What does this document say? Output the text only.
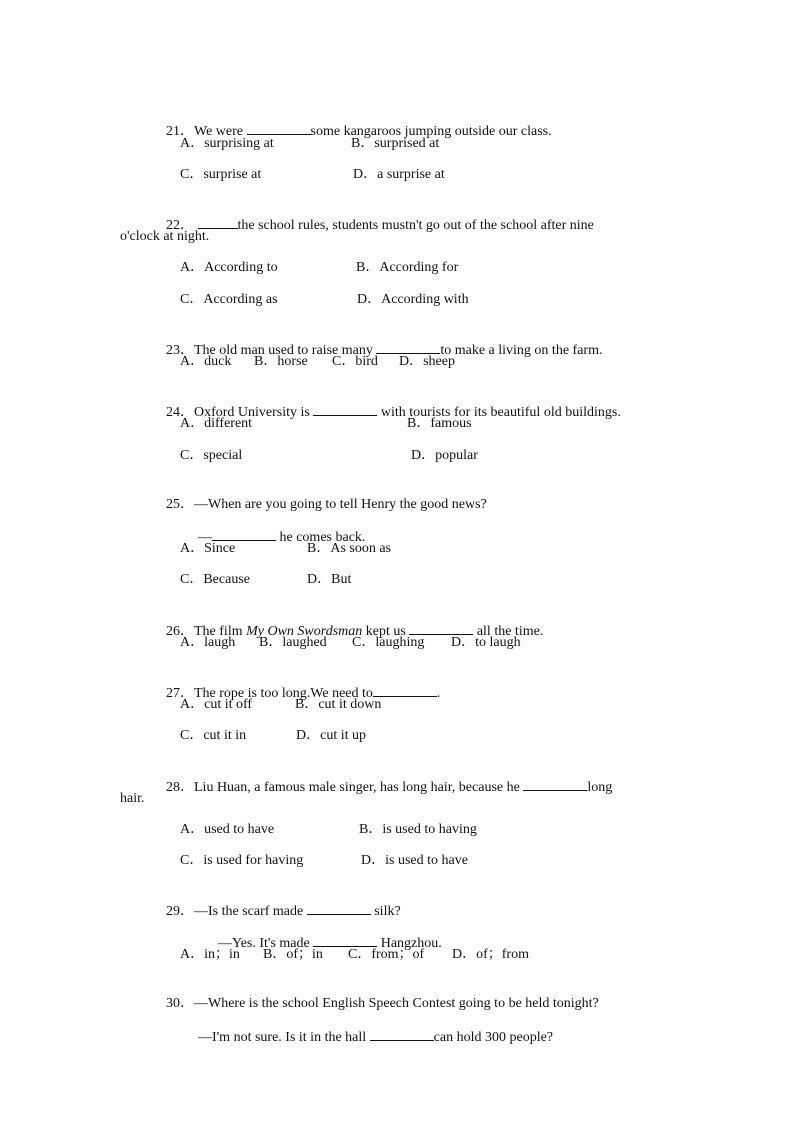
21．We were	some kangaroos jumping outside our class.

A．surprising at	B．surprised at
C．surprise at	D．a surprise at

22．	the school rules, students mustn't go out of the school after nine

o'clock at night.
A．According to	B．According for
C．According as	D．According with

23．The old man used to raise many	to make a living on the farm.

A．duck B．horse C．bird D．sheep

24．Oxford University is	with tourists for its beautiful old buildings.

A．different	B．famous
C．special	D．popular

25．—When are you going to tell Henry the good news?

—	he comes back.

A．Since	B．As soon as
C．Because	D．But

26．The film My Own Swordsman kept us	all the time.

A．laugh B．laughed C．laughing D．to laugh

27．The rope is too long.We need to	.

A．cut it off	B．cut it down
C．cut it in	D．cut it up

28．Liu Huan, a famous male singer, has long hair, because he	long

hair.
A．used to have	B．is used to having
C．is used for having	D．is used to have

29．—Is the scarf made	silk?

—Yes. It's made	Hangzhou.

A．in；in B．of；in C．from；of D．of；from

30．—Where is the school English Speech Contest going to be held tonight?

—I'm not sure. Is it in the hall	can hold 300 people?
